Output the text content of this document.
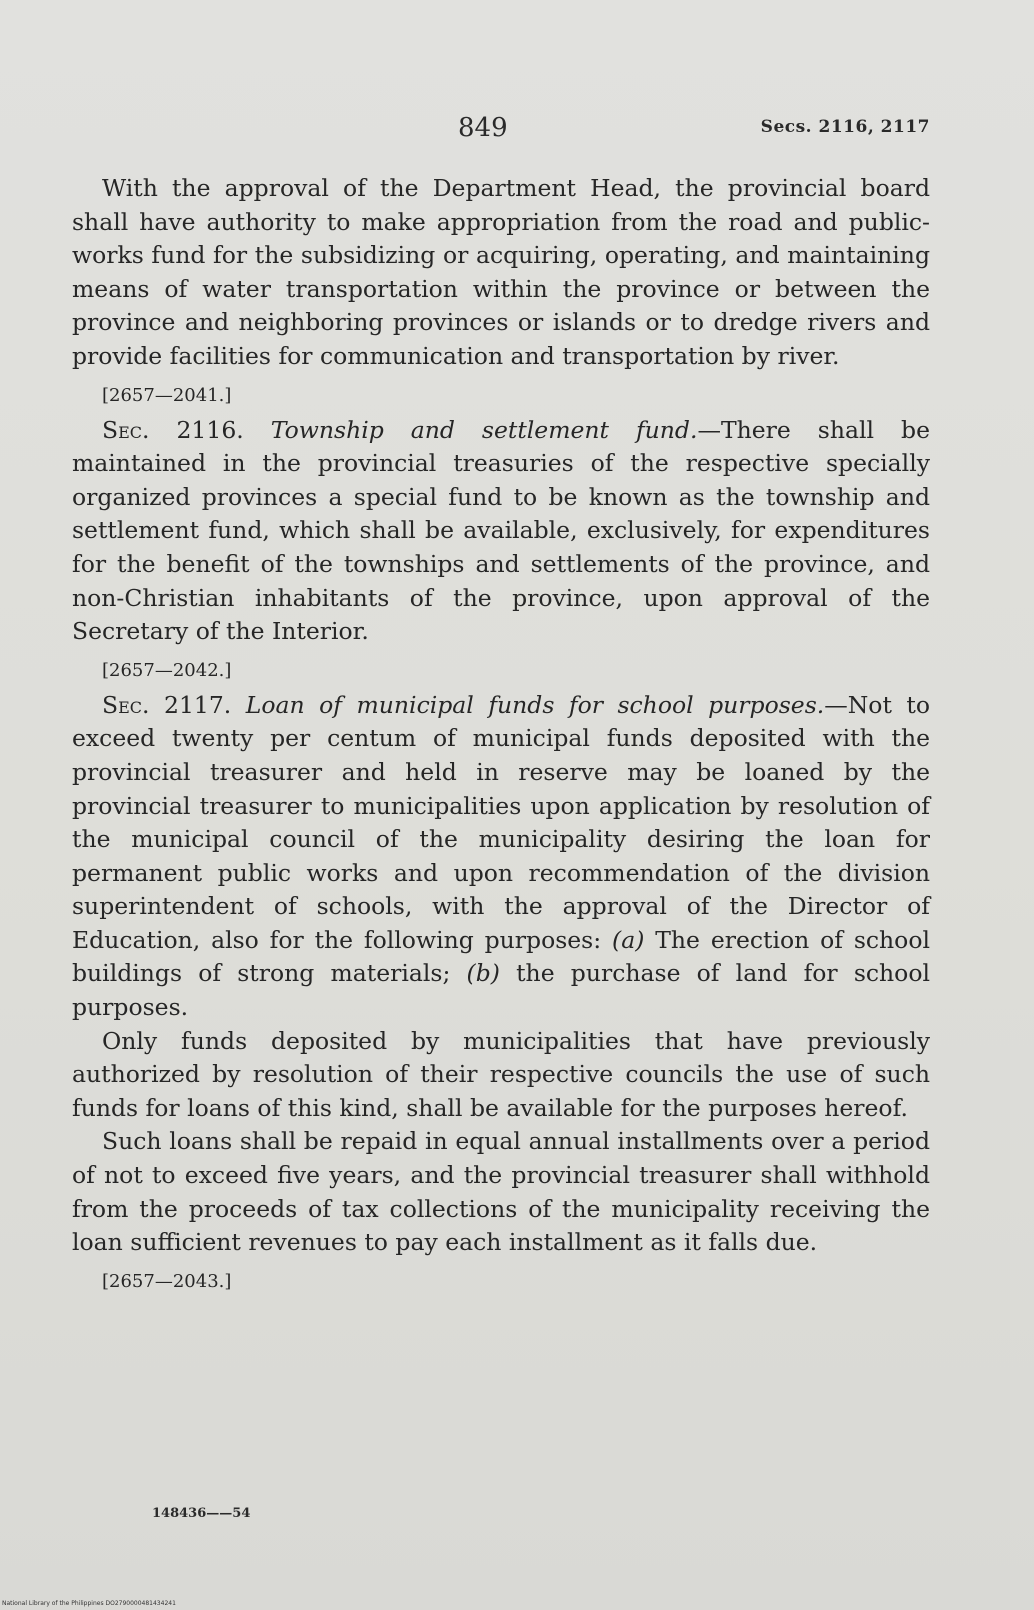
849	Secs. 2116, 2117

With the approval of the Department Head, the provincial board shall have authority to make appropriation from the road and public-works fund for the subsidizing or acquiring, operating, and maintaining means of water transportation within the province or between the province and neighboring provinces or islands or to dredge rivers and provide facilities for communication and transportation by river.

[2657—2041.]

Sec. 2116. Township and settlement fund.—There shall be maintained in the provincial treasuries of the respective specially organized provinces a special fund to be known as the township and settlement fund, which shall be available, exclusively, for expenditures for the benefit of the townships and settlements of the province, and non-Christian inhabitants of the province, upon approval of the Secretary of the Interior.

[2657—2042.]

Sec. 2117. Loan of municipal funds for school purposes.—Not to exceed twenty per centum of municipal funds deposited with the provincial treasurer and held in reserve may be loaned by the provincial treasurer to municipalities upon application by resolution of the municipal council of the municipality desiring the loan for permanent public works and upon recommendation of the division superintendent of schools, with the approval of the Director of Education, also for the following purposes: (a) The erection of school buildings of strong materials; (b) the purchase of land for school purposes.

Only funds deposited by municipalities that have previously authorized by resolution of their respective councils the use of such funds for loans of this kind, shall be available for the purposes hereof.

Such loans shall be repaid in equal annual installments over a period of not to exceed five years, and the provincial treasurer shall withhold from the proceeds of tax collections of the municipality receiving the loan sufficient revenues to pay each installment as it falls due.

[2657—2043.]

148436——54
National Library of the Philippines DO2790000481434241
